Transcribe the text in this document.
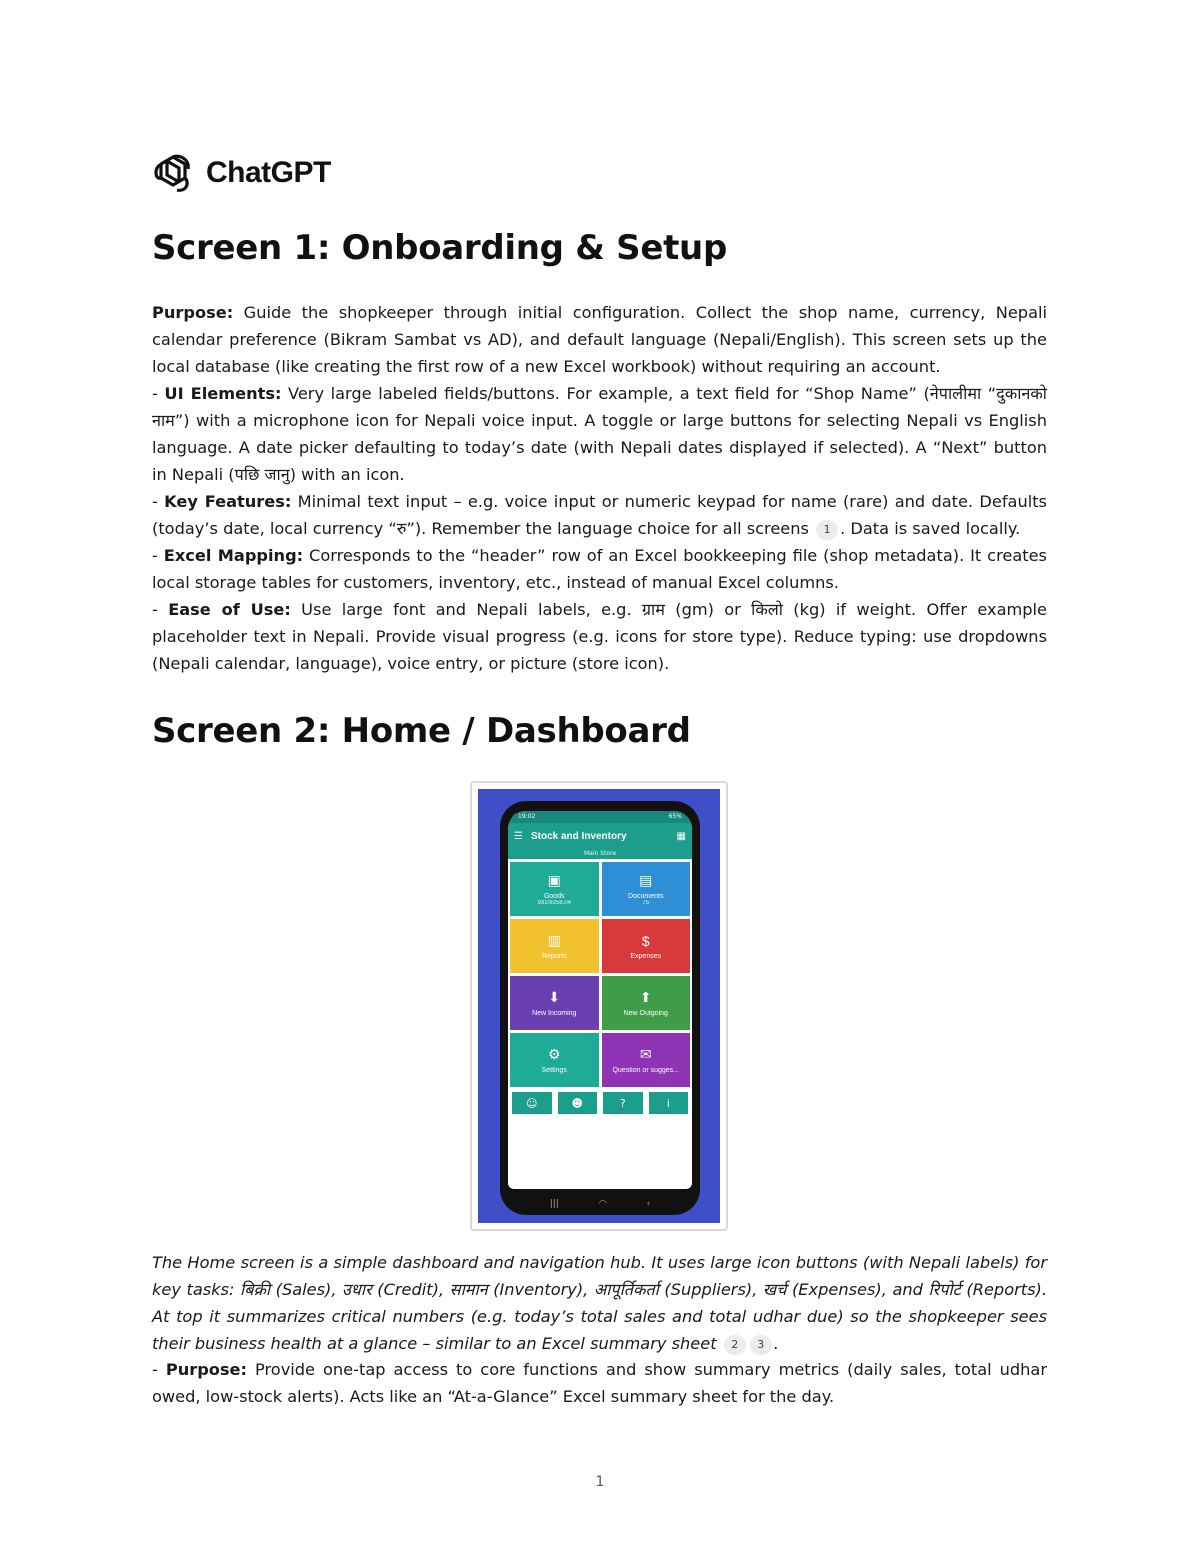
ChatGPT
Screen 1: Onboarding & Setup

Purpose: Guide the shopkeeper through initial configuration. Collect the shop name, currency, Nepali calendar preference (Bikram Sambat vs AD), and default language (Nepali/English). This screen sets up the local database (like creating the first row of a new Excel workbook) without requiring an account.

- UI Elements: Very large labeled fields/buttons. For example, a text field for “Shop Name” (नेपालीमा “दुकानको नाम”) with a microphone icon for Nepali voice input. A toggle or large buttons for selecting Nepali vs English language. A date picker defaulting to today’s date (with Nepali dates displayed if selected). A “Next” button in Nepali (पछि जानु) with an icon.

- Key Features: Minimal text input – e.g. voice input or numeric keypad for name (rare) and date. Defaults (today’s date, local currency “रु”). Remember the language choice for all screens 1 . Data is saved locally.

- Excel Mapping: Corresponds to the “header” row of an Excel bookkeeping file (shop metadata). It creates local storage tables for customers, inventory, etc., instead of manual Excel columns.

- Ease of Use: Use large font and Nepali labels, e.g. ग्राम (gm) or किलो (kg) if weight. Offer example placeholder text in Nepali. Provide visual progress (e.g. icons for store type). Reduce typing: use dropdowns (Nepali calendar, language), voice entry, or picture (store icon).

Screen 2: Home / Dashboard
19:02	65%
☰ Stock and Inventory	▦
Main Store
▣
Goods
931/9258.04
▤
Documents
75
▥
Reports
$
Expenses
⬇
New Incoming
⬆
New Outgoing
⚙
Settings
✉
Question or sugges...
☺	☻	?	i
|||	◠	‹

The Home screen is a simple dashboard and navigation hub. It uses large icon buttons (with Nepali labels) for key tasks: बिक्री (Sales), उधार (Credit), सामान (Inventory), आपूर्तिकर्ता (Suppliers), खर्च (Expenses), and रिपोर्ट (Reports). At top it summarizes critical numbers (e.g. today’s total sales and total udhar due) so the shopkeeper sees their business health at a glance – similar to an Excel summary sheet 2 3 .

- Purpose: Provide one-tap access to core functions and show summary metrics (daily sales, total udhar owed, low-stock alerts). Acts like an “At-a-Glance” Excel summary sheet for the day.

1
